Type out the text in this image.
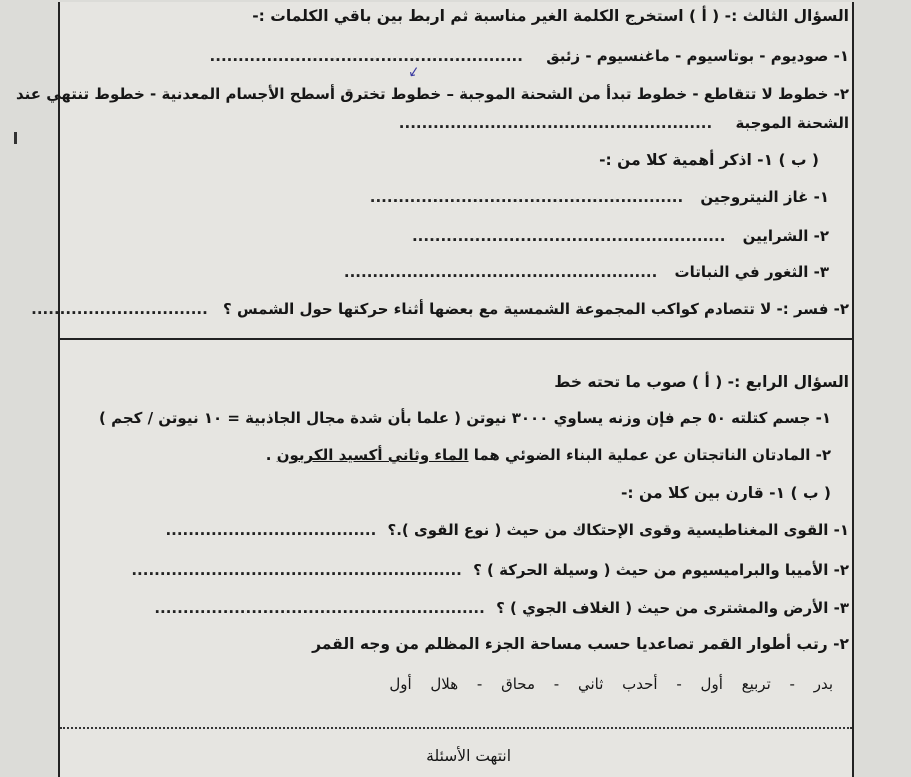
السؤال الثالث :- ( أ ) استخرج الكلمة الغير مناسبة ثم اربط بين باقي الكلمات :-
١- صوديوم - بوتاسيوم - ماغنسيوم - زئبق .......................................................
↙
٢- خطوط لا تتقاطع - خطوط تبدأ من الشحنة الموجبة – خطوط تخترق أسطح الأجسام المعدنية - خطوط تنتهي عند
الشحنة الموجبة .......................................................
( ب ) ١- اذكر أهمية كلا من :-
١- غاز النيتروجين .......................................................
٢- الشرايين .......................................................
٣- الثغور في النباتات .......................................................
٢- فسر :- لا تتصادم كواكب المجموعة الشمسية مع بعضها أثناء حركتها حول الشمس ؟ ...............................
السؤال الرابع :- ( أ ) صوب ما تحته خط
١- جسم كتلته ٥٠ جم فإن وزنه يساوي ٣٠٠٠ نيوتن ( علما بأن شدة مجال الجاذبية = ١٠ نيوتن / كجم )
٢- المادتان الناتجتان عن عملية البناء الضوئي هما الماء وثاني أكسيد الكربون .
( ب ) ١- قارن بين كلا من :-
١- القوى المغناطيسية وقوى الإحتكاك من حيث ( نوع القوى ).؟ .....................................
٢- الأميبا والبراميسيوم من حيث ( وسيلة الحركة ) ؟ ..........................................................
٣- الأرض والمشترى من حيث ( الغلاف الجوي ) ؟ ..........................................................
٢- رتب أطوار القمر تصاعديا حسب مساحة الجزء المظلم من وجه القمر
بدر - تربيع أول - أحدب ثاني - محاق - هلال أول
انتهت الأسئلة
